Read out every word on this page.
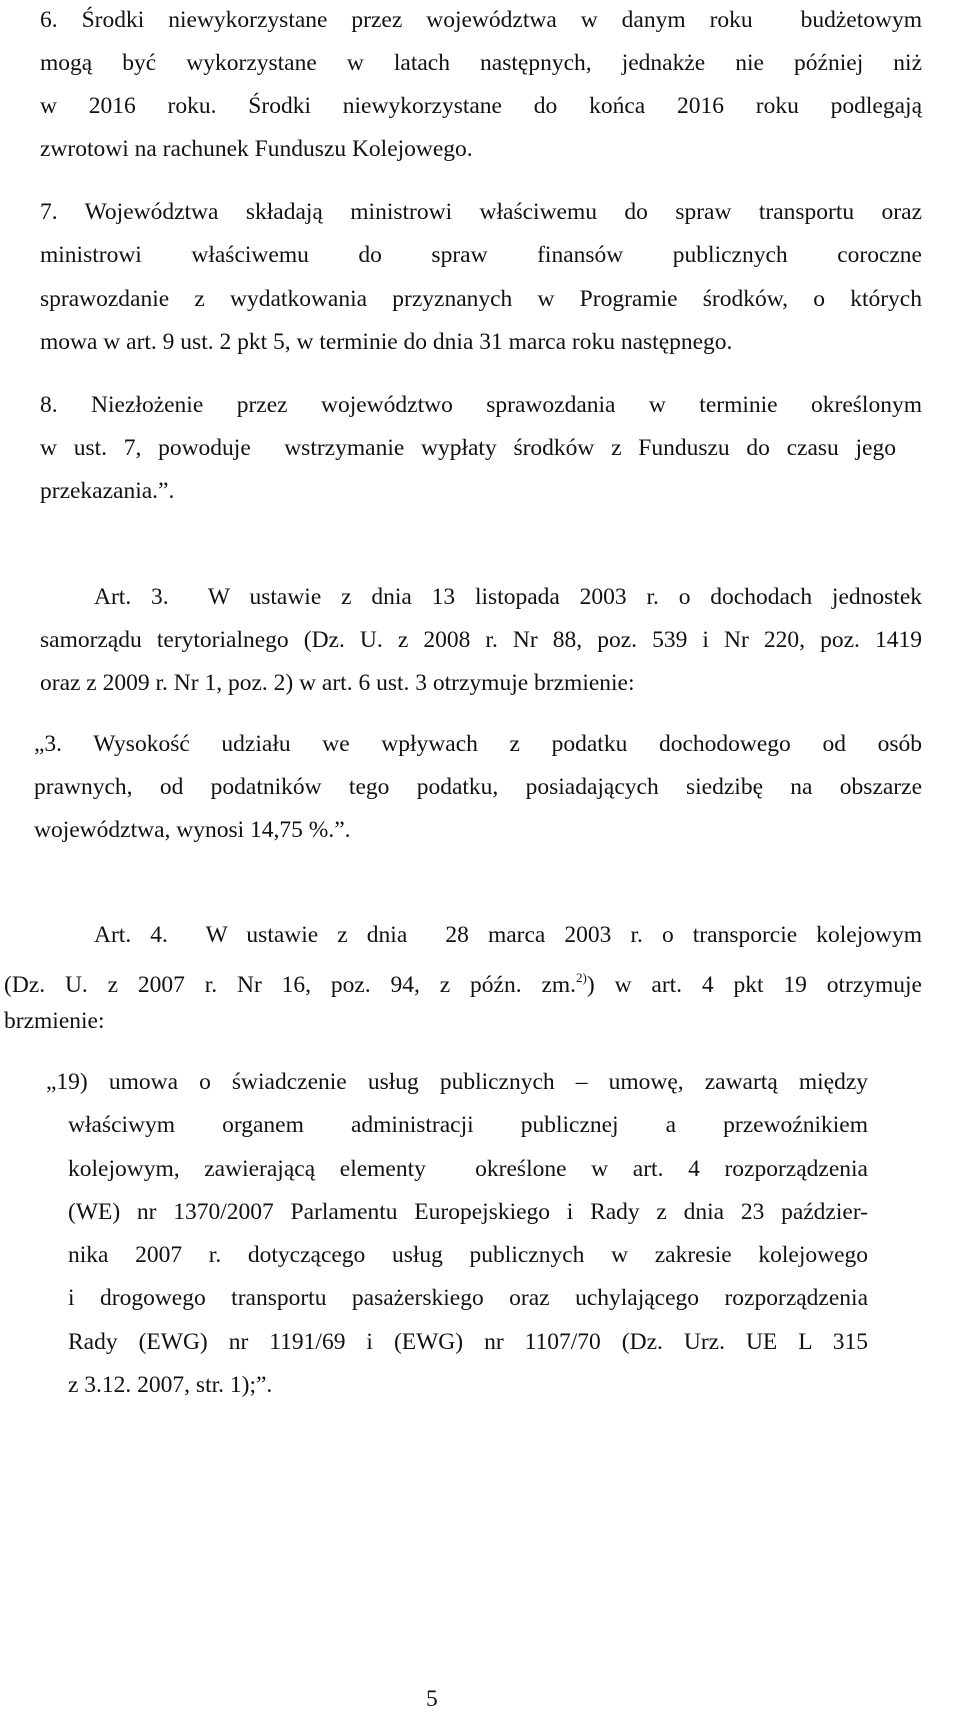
6. Środki niewykorzystane przez województwa w danym roku  budżetowym

mogą być wykorzystane w latach następnych, jednakże nie później niż

w 2016 roku. Środki niewykorzystane do końca 2016 roku podlegają

zwrotowi na rachunek Funduszu Kolejowego.

7. Województwa składają ministrowi właściwemu do spraw transportu oraz

ministrowi właściwemu do spraw finansów publicznych coroczne

sprawozdanie z wydatkowania przyznanych w Programie środków, o których

mowa w art. 9 ust. 2 pkt 5, w terminie do dnia 31 marca roku następnego.

8. Niezłożenie przez województwo sprawozdania w terminie określonym

w ust. 7, powoduje  wstrzymanie wypłaty środków z Funduszu do czasu jego

przekazania.”.

Art. 3.  W ustawie z dnia 13 listopada 2003 r. o dochodach jednostek

samorządu terytorialnego (Dz. U. z 2008 r. Nr 88, poz. 539 i Nr 220, poz. 1419

oraz z 2009 r. Nr 1, poz. 2) w art. 6 ust. 3 otrzymuje brzmienie:

„3. Wysokość udziału we wpływach z podatku dochodowego od osób

prawnych, od podatników tego podatku, posiadających siedzibę na obszarze

województwa, wynosi 14,75 %.”.

Art. 4.  W ustawie z dnia  28 marca 2003 r. o transporcie kolejowym

(Dz. U. z 2007 r. Nr 16, poz. 94, z późn. zm.$^{2)}$) w art. 4 pkt 19 otrzymuje

brzmienie:

„19) umowa o świadczenie usług publicznych – umowę, zawartą między

właściwym organem administracji publicznej a przewoźnikiem

kolejowym, zawierającą elementy  określone w art. 4 rozporządzenia

(WE) nr 1370/2007 Parlamentu Europejskiego i Rady z dnia 23 paździer-

nika 2007 r. dotyczącego usług publicznych w zakresie kolejowego

i drogowego transportu pasażerskiego oraz uchylającego rozporządzenia

Rady (EWG) nr 1191/69 i (EWG) nr 1107/70 (Dz. Urz. UE L 315

z 3.12. 2007, str. 1);”.

5
